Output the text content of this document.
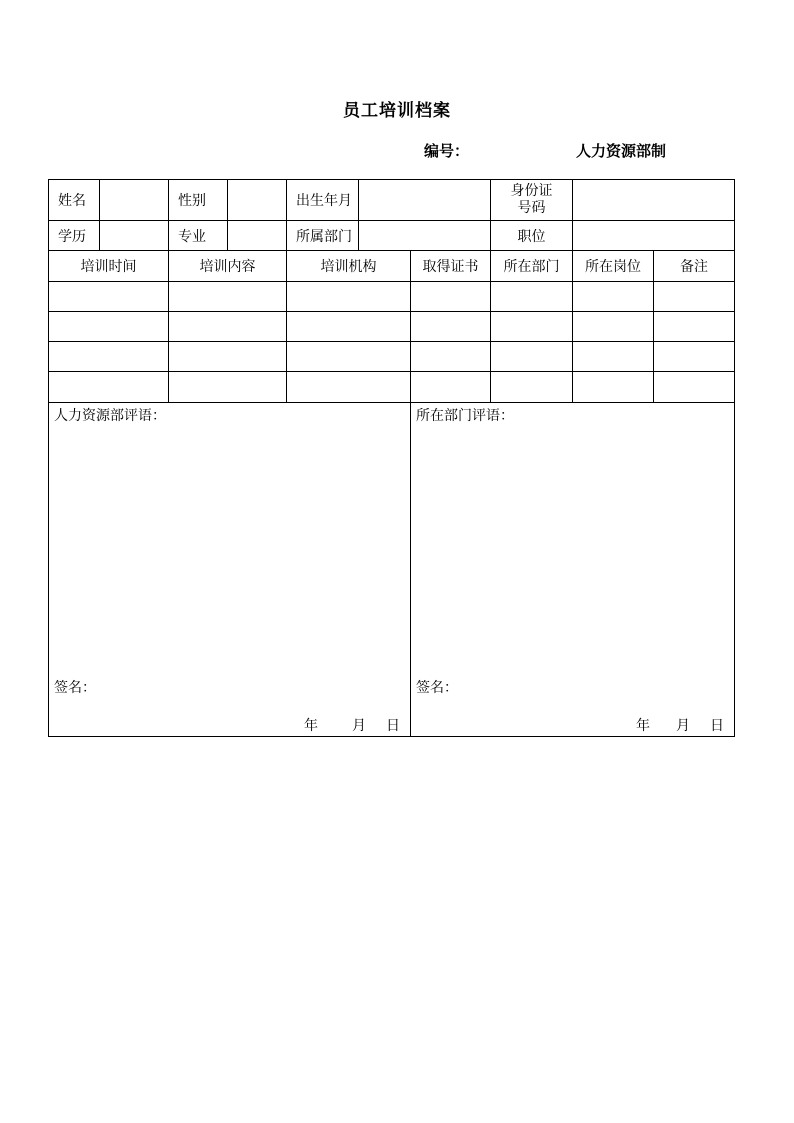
员工培训档案
编号：	人力资源部制
姓名		性别		出生年月			身份证
号码		

学历		专业		所属部门			职位		
培训时间		培训内容		培训机构		取得证书	所在部门	所在岗位	备注

人力资源部评语：
签名：
年 月 日						所在部门评语：
签名：
年 月 日			
